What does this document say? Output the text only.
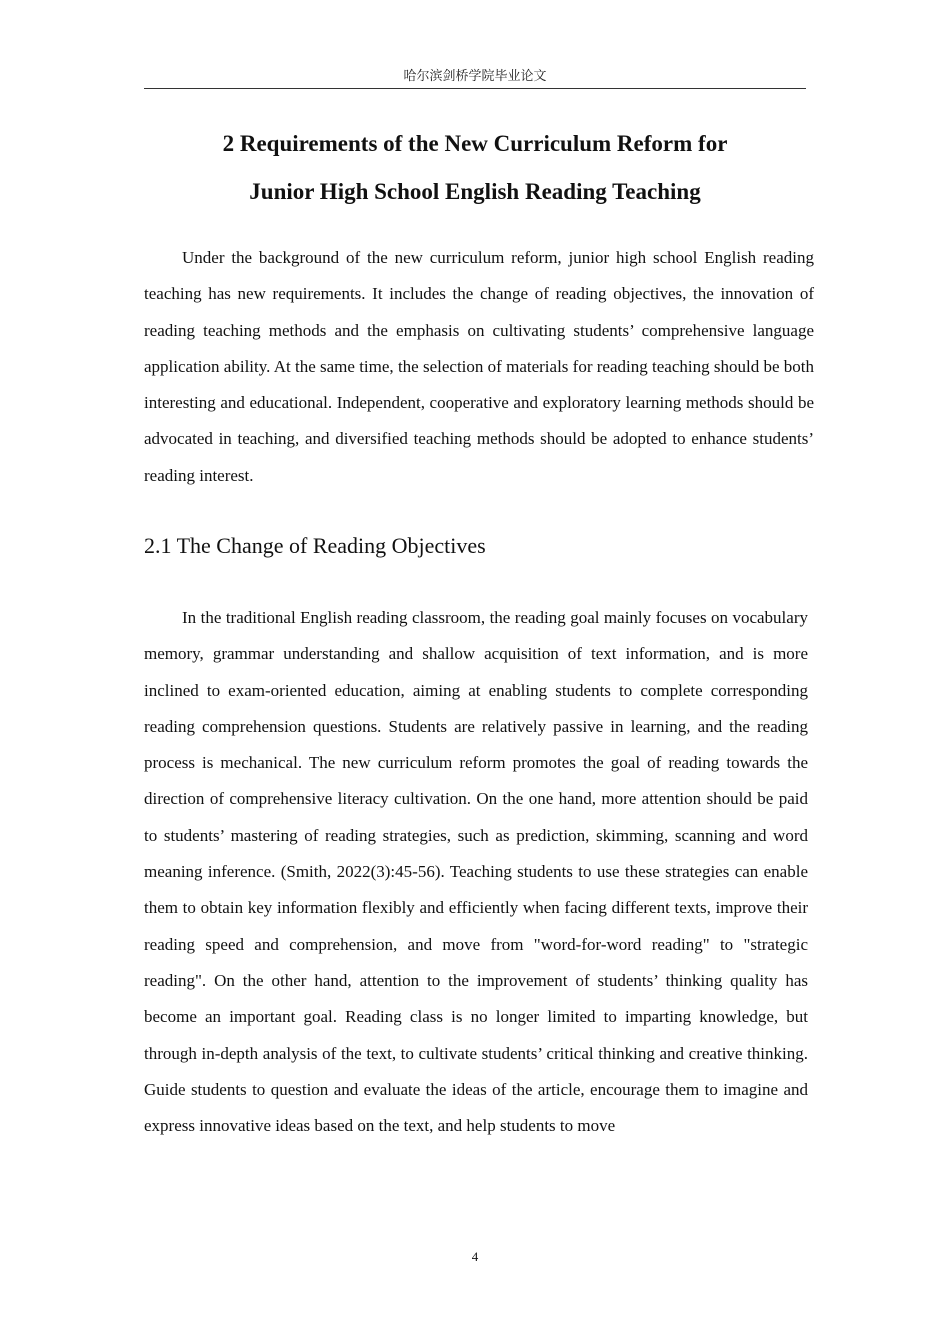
哈尔滨剑桥学院毕业论文
2 Requirements of the New Curriculum Reform for
Junior High School English Reading Teaching

Under the background of the new curriculum reform, junior high school English reading teaching has new requirements. It includes the change of reading objectives, the innovation of reading teaching methods and the emphasis on cultivating students’ comprehensive language application ability. At the same time, the selection of materials for reading teaching should be both interesting and educational. Independent, cooperative and exploratory learning methods should be advocated in teaching, and diversified teaching methods should be adopted to enhance students’ reading interest.

2.1 The Change of Reading Objectives

In the traditional English reading classroom, the reading goal mainly focuses on vocabulary memory, grammar understanding and shallow acquisition of text information, and is more inclined to exam-oriented education, aiming at enabling students to complete corresponding reading comprehension questions. Students are relatively passive in learning, and the reading process is mechanical. The new curriculum reform promotes the goal of reading towards the direction of comprehensive literacy cultivation. On the one hand, more attention should be paid to students’ mastering of reading strategies, such as prediction, skimming, scanning and word meaning inference. (Smith, 2022(3):45-56). Teaching students to use these strategies can enable them to obtain key information flexibly and efficiently when facing different texts, improve their reading speed and comprehension, and move from "word-for-word reading" to "strategic reading". On the other hand, attention to the improvement of students’ thinking quality has become an important goal. Reading class is no longer limited to imparting knowledge, but through in-depth analysis of the text, to cultivate students’ critical thinking and creative thinking. Guide students to question and evaluate the ideas of the article, encourage them to imagine and express innovative ideas based on the text, and help students to move

4
